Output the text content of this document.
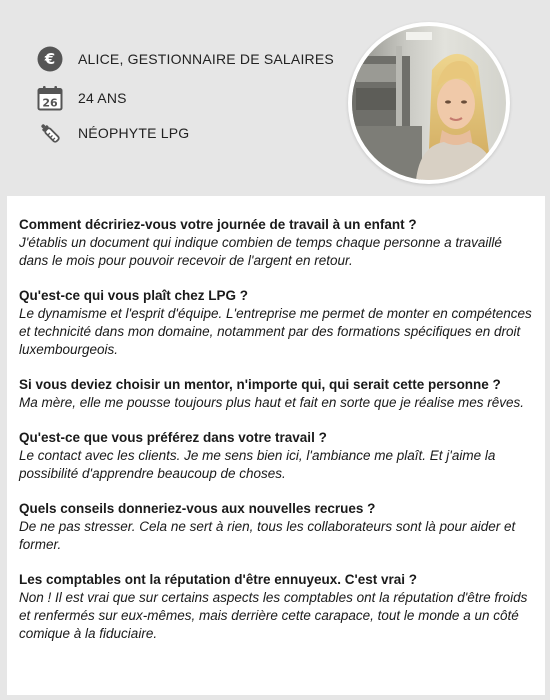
€ ALICE, GESTIONNAIRE DE SALAIRES
26 24 ANS
NÉOPHYTE LPG
Comment décririez-vous votre journée de travail à un enfant ?
J'établis un document qui indique combien de temps chaque personne a travaillé dans le mois pour pouvoir recevoir de l'argent en retour.
Qu'est-ce qui vous plaît chez LPG ?
Le dynamisme et l'esprit d'équipe. L'entreprise me permet de monter en compétences et technicité dans mon domaine, notamment par des formations spécifiques en droit luxembourgeois.
Si vous deviez choisir un mentor, n'importe qui, qui serait cette personne ?
Ma mère, elle me pousse toujours plus haut et fait en sorte que je réalise mes rêves.
Qu'est-ce que vous préférez dans votre travail ?
Le contact avec les clients. Je me sens bien ici, l'ambiance me plaît. Et j'aime la possibilité d'apprendre beaucoup de choses.
Quels conseils donneriez-vous aux nouvelles recrues ?
De ne pas stresser. Cela ne sert à rien, tous les collaborateurs sont là pour aider et former.
Les comptables ont la réputation d'être ennuyeux. C'est vrai ?
Non ! Il est vrai que sur certains aspects les comptables ont la réputation d'être froids et renfermés sur eux-mêmes, mais derrière cette carapace, tout le monde a un côté comique à la fiduciaire.
